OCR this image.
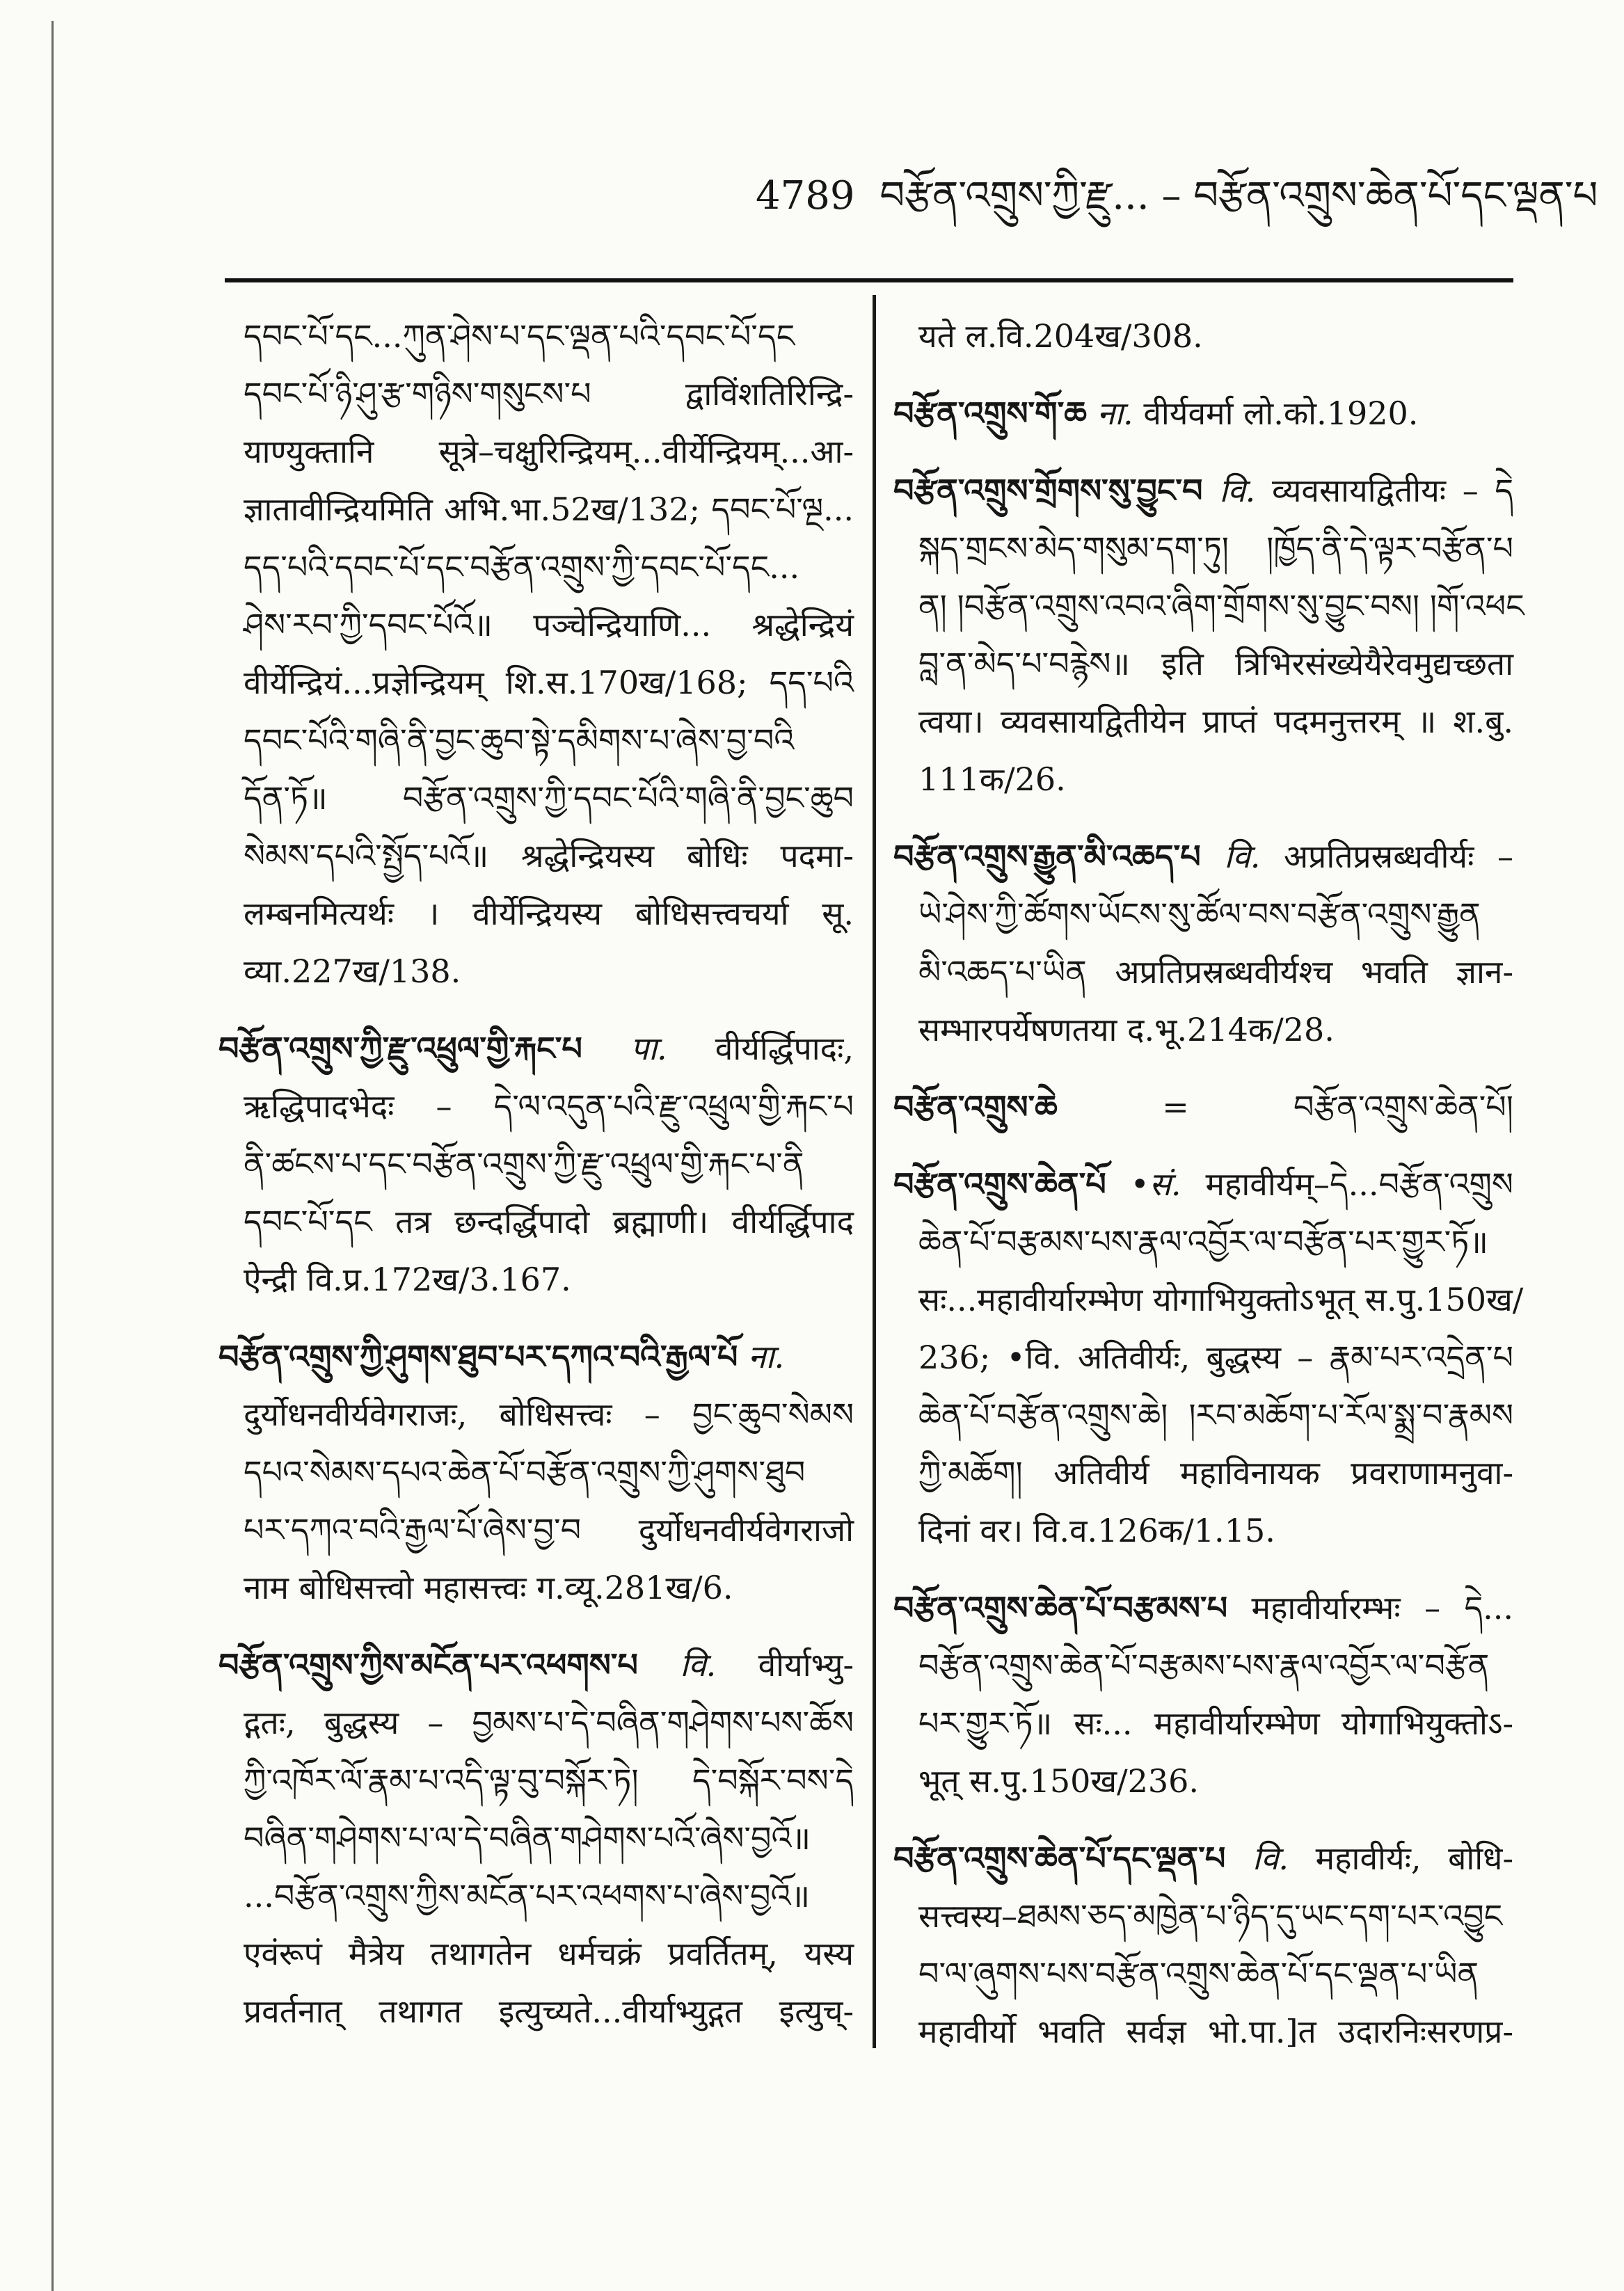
4789 བརྩོན་འགྲུས་ཀྱི་རྫུ... – བརྩོན་འགྲུས་ཆེན་པོ་དང་ལྡན་པ
དབང་པོ་དང...ཀུན་ཤེས་པ་དང་ལྡན་པའི་དབང་པོ་དང
དབང་པོ་ཉི་ཤུ་རྩ་གཉིས་གསུངས་པ द्वाविंशतिरिन्द्रि-
याण्युक्तानि सूत्रे–चक्षुरिन्द्रियम्...वीर्येन्द्रियम्...आ-
ज्ञातावीन्द्रियमिति अभि.भा.52ख/132; དབང་པོ་ལྔ...
དད་པའི་དབང་པོ་དང་བརྩོན་འགྲུས་ཀྱི་དབང་པོ་དང...
ཤེས་རབ་ཀྱི་དབང་པོའོ॥ पञ्चेन्द्रियाणि... श्रद्धेन्द्रियं
वीर्येन्द्रियं...प्रज्ञेन्द्रियम् शि.स.170ख/168; དད་པའི
དབང་པོའི་གཞི་ནི་བྱང་ཆུབ་སྟེ་དམིགས་པ་ཞེས་བྱ་བའི
དོན་ཏོ॥ བརྩོན་འགྲུས་ཀྱི་དབང་པོའི་གཞི་ནི་བྱང་ཆུབ
སེམས་དཔའི་སྤྱོད་པའོ॥ श्रद्धेन्द्रियस्य बोधिः पदमा-
लम्बनमित्यर्थः । वीर्येन्द्रियस्य बोधिसत्त्वचर्या सू.
व्या.227ख/138.
བརྩོན་འགྲུས་ཀྱི་རྫུ་འཕྲུལ་གྱི་རྐང་པ पा. वीर्यर्द्धिपादः,
ऋद्धिपादभेदः – དེ་ལ་འདུན་པའི་རྫུ་འཕྲུལ་གྱི་རྐང་པ
ནི་ཚངས་པ་དང་བརྩོན་འགྲུས་ཀྱི་རྫུ་འཕྲུལ་གྱི་རྐང་པ་ནི
དབང་པོ་དང तत्र छन्दर्द्धिपादो ब्रह्माणी। वीर्यर्द्धिपाद
ऐन्द्री वि.प्र.172ख/3.167.
བརྩོན་འགྲུས་ཀྱི་ཤུགས་ཐུབ་པར་དཀའ་བའི་རྒྱལ་པོ ना.
दुर्योधनवीर्यवेगराजः, बोधिसत्त्वः – བྱང་ཆུབ་སེམས
དཔའ་སེམས་དཔའ་ཆེན་པོ་བརྩོན་འགྲུས་ཀྱི་ཤུགས་ཐུབ
པར་དཀའ་བའི་རྒྱལ་པོ་ཞེས་བྱ་བ दुर्योधनवीर्यवेगराजो
नाम बोधिसत्त्वो महासत्त्वः ग.व्यू.281ख/6.
བརྩོན་འགྲུས་ཀྱིས་མངོན་པར་འཕགས་པ वि. वीर्याभ्यु-
द्गतः, बुद्धस्य – བྱམས་པ་དེ་བཞིན་གཤེགས་པས་ཆོས
ཀྱི་འཁོར་ལོ་རྣམ་པ་འདི་ལྟ་བུ་བསྐོར་ཏེ། དེ་བསྐོར་བས་དེ
བཞིན་གཤེགས་པ་ལ་དེ་བཞིན་གཤེགས་པའོ་ཞེས་བྱའོ॥
...བརྩོན་འགྲུས་ཀྱིས་མངོན་པར་འཕགས་པ་ཞེས་བྱའོ॥
एवंरूपं मैत्रेय तथागतेन धर्मचक्रं प्रवर्तितम्, यस्य
प्रवर्तनात् तथागत इत्युच्यते...वीर्याभ्युद्गत इत्युच्-
यते ल.वि.204ख/308.
བརྩོན་འགྲུས་གོ་ཆ ना. वीर्यवर्मा लो.को.1920.
བརྩོན་འགྲུས་གྲོགས་སུ་བྱུང་བ वि. व्यवसायद्वितीयः – དེ
སྐད་གྲངས་མེད་གསུམ་དག་ཏུ། །ཁྱོད་ནི་དེ་ལྟར་བརྩོན་པ
ན། །བརྩོན་འགྲུས་འབའ་ཞིག་གྲོགས་སུ་བྱུང་བས། །གོ་འཕང
བླ་ན་མེད་པ་བརྙེས॥ इति त्रिभिरसंख्येयैरेवमुद्यच्छता
त्वया। व्यवसायद्वितीयेन प्राप्तं पदमनुत्तरम् ॥ श.बु.
111क/26.
བརྩོན་འགྲུས་རྒྱུན་མི་འཆད་པ वि. अप्रतिप्रस्रब्धवीर्यः –
ཡེ་ཤེས་ཀྱི་ཚོགས་ཡོངས་སུ་ཚོལ་བས་བརྩོན་འགྲུས་རྒྱུན
མི་འཆད་པ་ཡིན अप्रतिप्रस्रब्धवीर्यश्च भवति ज्ञान-
सम्भारपर्येषणतया द.भू.214क/28.
བརྩོན་འགྲུས་ཆེ	= བརྩོན་འགྲུས་ཆེན་པོ།
བརྩོན་འགྲུས་ཆེན་པོ •सं. महावीर्यम्–དེ...བརྩོན་འགྲུས
ཆེན་པོ་བརྩམས་པས་རྣལ་འབྱོར་ལ་བརྩོན་པར་གྱུར་ཏོ॥
सः...महावीर्यारम्भेण योगाभियुक्तोऽभूत् स.पु.150ख/
236; •वि. अतिवीर्यः, बुद्धस्य – རྣམ་པར་འདྲེན་པ
ཆེན་པོ་བརྩོན་འགྲུས་ཆེ། །རབ་མཆོག་པ་རོལ་སྨྲ་བ་རྣམས
ཀྱི་མཆོག། अतिवीर्य महाविनायक प्रवराणामनुवा-
दिनां वर। वि.व.126क/1.15.
བརྩོན་འགྲུས་ཆེན་པོ་བརྩམས་པ महावीर्यारम्भः – དེ...
བརྩོན་འགྲུས་ཆེན་པོ་བརྩམས་པས་རྣལ་འབྱོར་ལ་བརྩོན
པར་གྱུར་ཏོ॥ सः... महावीर्यारम्भेण योगाभियुक्तोऽ-
भूत् स.पु.150ख/236.
བརྩོན་འགྲུས་ཆེན་པོ་དང་ལྡན་པ वि. महावीर्यः, बोधि-
सत्त्वस्य–ཐམས་ཅད་མཁྱེན་པ་ཉིད་དུ་ཡང་དག་པར་འབྱུང
བ་ལ་ཞུགས་པས་བརྩོན་འགྲུས་ཆེན་པོ་དང་ལྡན་པ་ཡིན
महावीर्यो भवति सर्वज्ञ भो.पा.]त उदारनिःसरणप्र-
